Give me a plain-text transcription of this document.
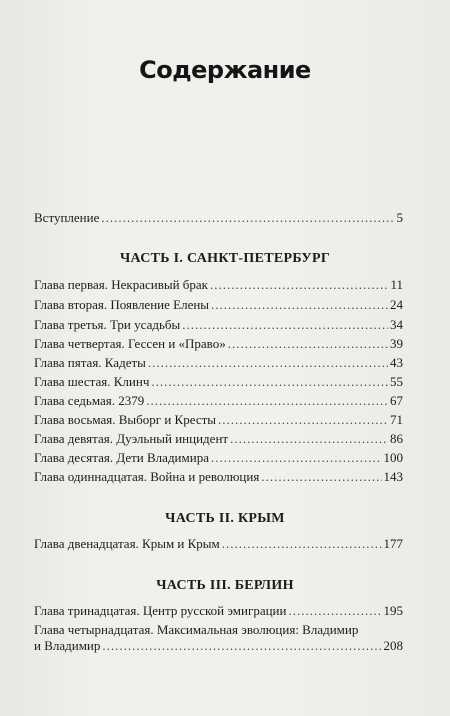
Содержание
Вступление .....	5
ЧАСТЬ I. САНКТ-ПЕТЕРБУРГ
Глава первая. Некрасивый брак .....	11
Глава вторая. Появление Елены .....	24
Глава третья. Три усадьбы .....	34
Глава четвертая. Гессен и «Право» .....	39
Глава пятая. Кадеты .....	43
Глава шестая. Клинч .....	55
Глава седьмая. 2379 .....	67
Глава восьмая. Выборг и Кресты .....	71
Глава девятая. Дуэльный инцидент .....	86
Глава десятая. Дети Владимира .....	100
Глава одиннадцатая. Война и революция .....	143
ЧАСТЬ II. КРЫМ
Глава двенадцатая. Крым и Крым .....	177
ЧАСТЬ III. БЕРЛИН
Глава тринадцатая. Центр русской эмиграции .....	195
Глава четырнадцатая. Максимальная эволюция: Владимир
и Владимир .....	208
